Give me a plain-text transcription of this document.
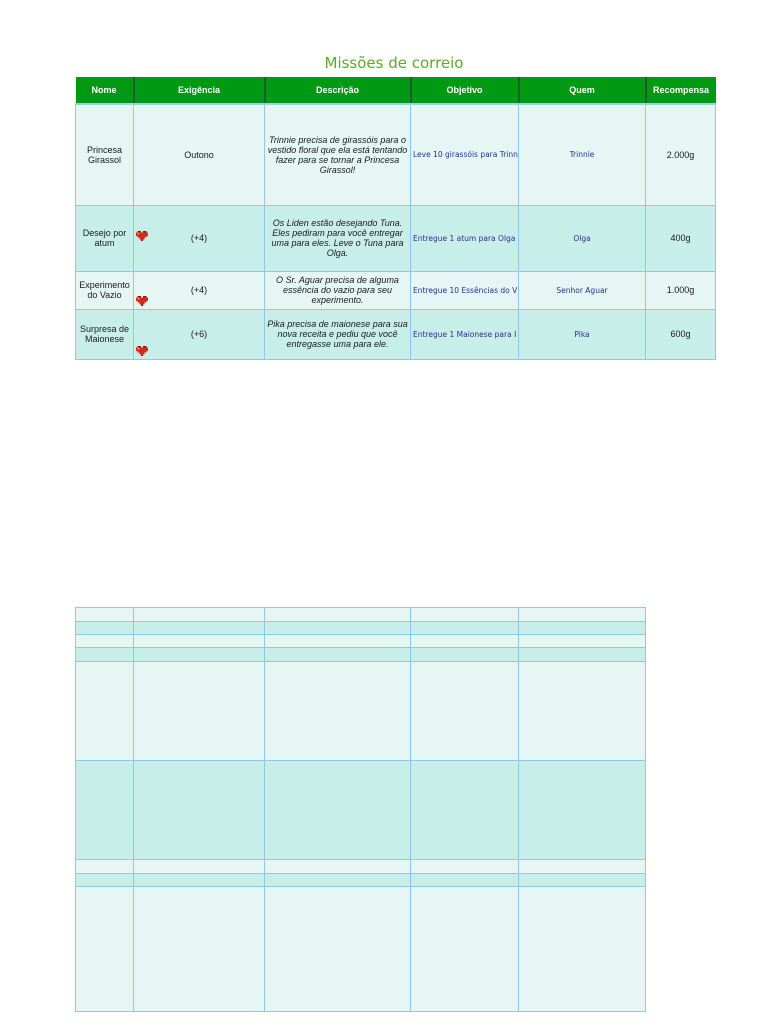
Missões de correio
Nome	Exigência	Descrição	Objetivo	Quem	Recompensa
Princesa Girassol	Outono	Trinnie precisa de girassóis para o vestido floral que ela está tentando fazer para se tornar a Princesa Girassol!	Leve 10 girassóis para Trinn	Trinnie	2.000g
Desejo por atum	(+4)	Os Liden estão desejando Tuna. Eles pediram para você entregar uma para eles. Leve o Tuna para Olga.	Entregue 1 atum para Olga	Olga	400g
Experimento do Vazio	(+4)	O Sr. Aguar precisa de alguma essência do vazio para seu experimento.	Entregue 10 Essências do V	Senhor Aguar	1.000g
Surpresa de Maionese	(+6)	Pika precisa de maionese para sua nova receita e pediu que você entregasse uma para ele.	Entregue 1 Maionese para I	Pika	600g
